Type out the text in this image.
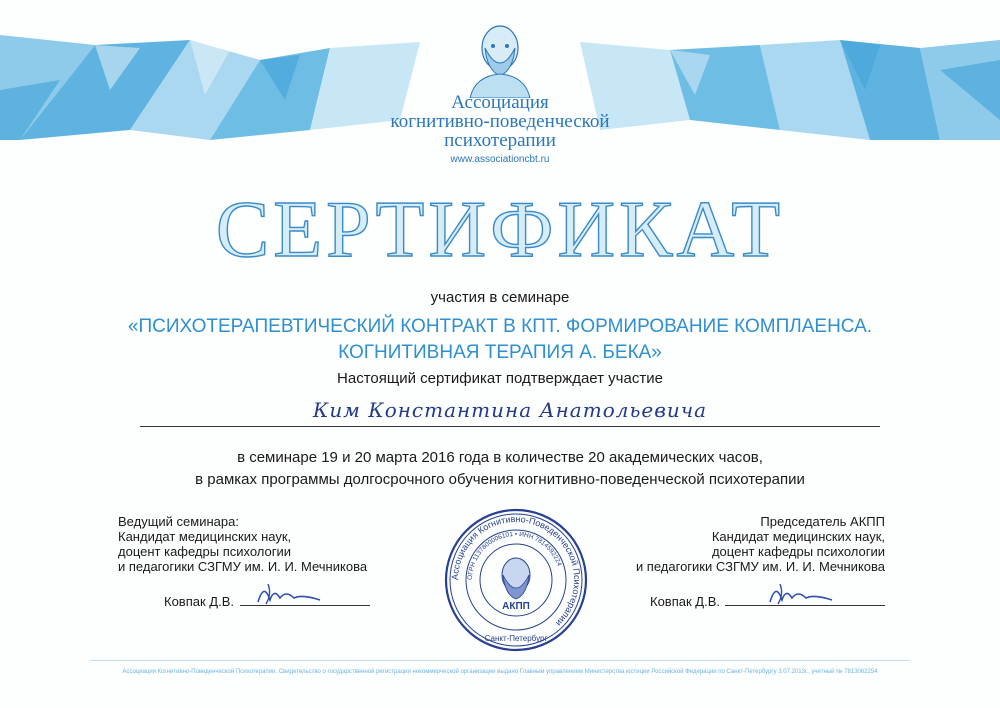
Ассоциация
когнитивно-поведенческой
психотерапии
www.associationcbt.ru
СЕРТИФИКАТ
участия в семинаре
«ПСИХОТЕРАПЕВТИЧЕСКИЙ КОНТРАКТ В КПТ. ФОРМИРОВАНИЕ КОМПЛАЕНСА.
КОГНИТИВНАЯ ТЕРАПИЯ А. БЕКА»
Настоящий сертификат подтверждает участие
Ким Константина Анатольевича
в семинаре 19 и 20 марта 2016 года в количестве 20 академических часов,
в рамках программы долгосрочного обучения когнитивно-поведенческой психотерапии
Ведущий семинара:
Кандидат медицинских наук,
доцент кафедры психологии
и педагогики СЗГМУ им. И. И. Мечникова
Ковпак Д.В.
Председатель АКПП
Кандидат медицинских наук,
доцент кафедры психологии
и педагогики СЗГМУ им. И. И. Мечникова
Ковпак Д.В.
Ассоциация Когнитивно-Поведенческой Психотерапии
ОГРН 1137800006101 • ИНН 7814592224
АКПП
Санкт-Петербург
Ассоциация Когнитивно-Поведенческой Психотерапии. Свидетельство о государственной регистрации некоммерческой организации выдано Главным управлением Министерства юстиции Российской Федерации по Санкт-Петербургу 3.07.2013г., учетный № 7813062254
